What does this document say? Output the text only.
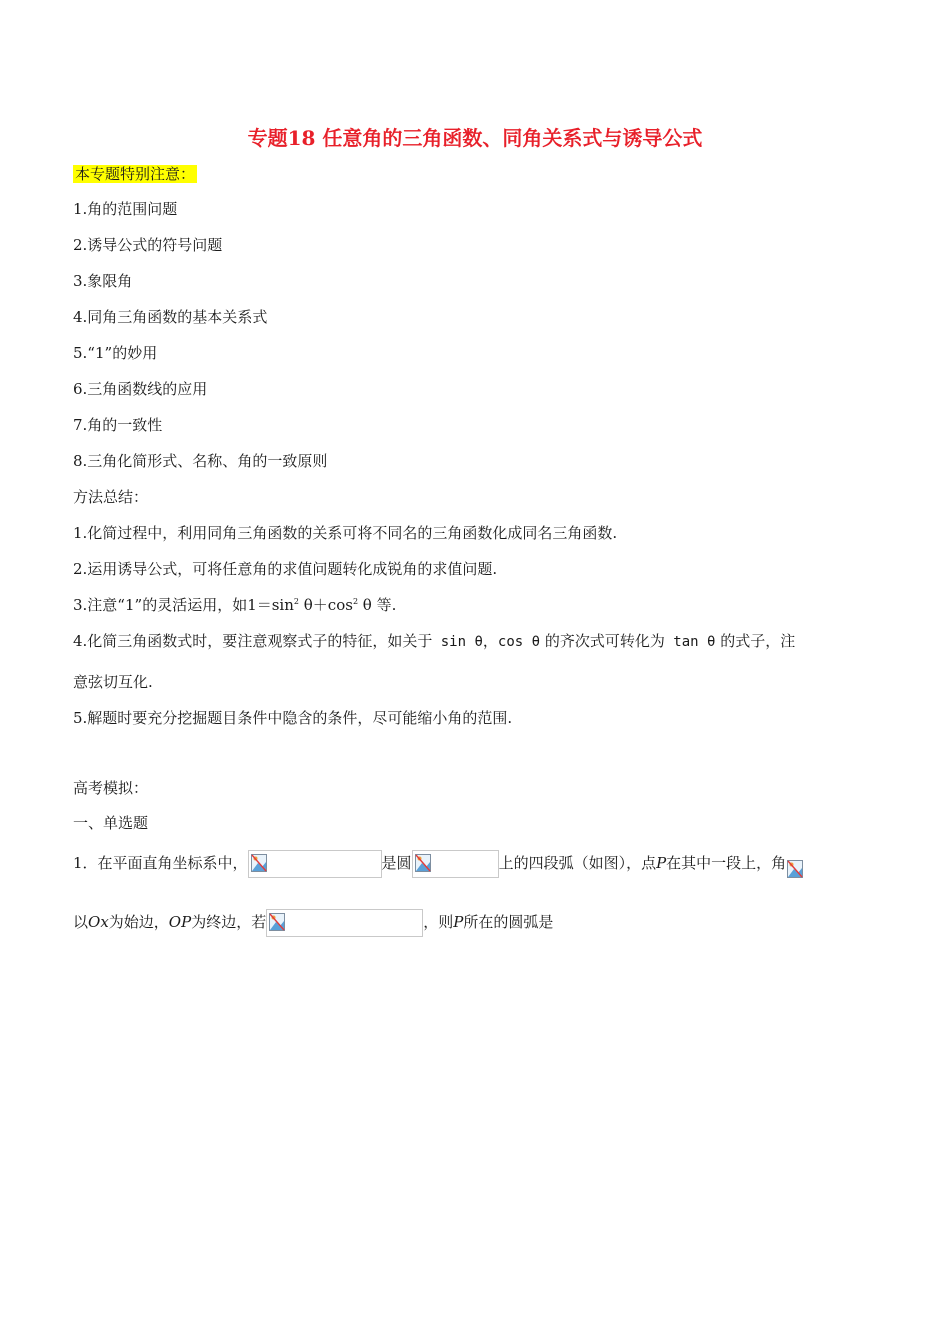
专题18 任意角的三角函数、同角关系式与诱导公式
本专题特别注意：
1.角的范围问题
2.诱导公式的符号问题
3.象限角
4.同角三角函数的基本关系式
5.“1”的妙用
6.三角函数线的应用
7.角的一致性
8.三角化简形式、名称、角的一致原则
方法总结：
1.化简过程中，利用同角三角函数的关系可将不同名的三角函数化成同名三角函数.
2.运用诱导公式，可将任意角的求值问题转化成锐角的求值问题.
3.注意“1”的灵活运用，如$1=\sin^2$ $\theta+\cos^2$ θ 等.
4.化简三角函数式时，要注意观察式子的特征，如关于 sin θ，cos θ 的齐次式可转化为 tan θ 的式子，注
意弦切互化.
5.解题时要充分挖掘题目条件中隐含的条件，尽可能缩小角的范围.
高考模拟：
一、单选题
1．在平面直角坐标系中，	是圆	上的四段弧（如图），点P在其中一段上，角
以Ox为始边，OP为终边，若	，则P所在的圆弧是
